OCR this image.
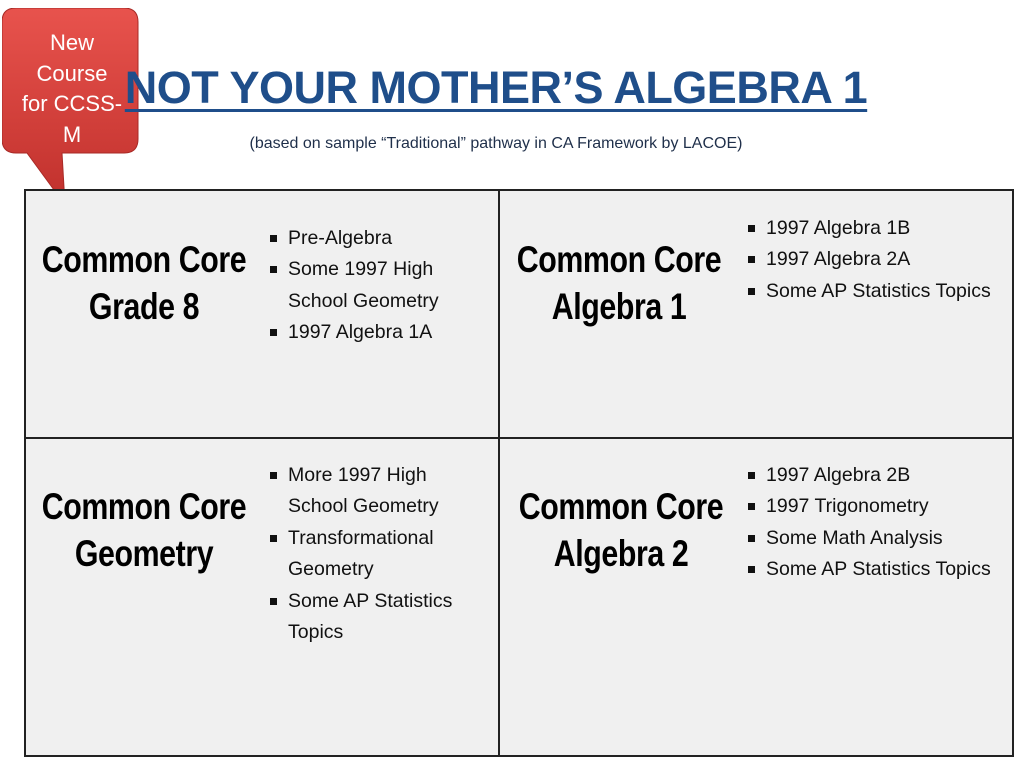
New
Course
for CCSS-
M
NOT YOUR MOTHER’S ALGEBRA 1
(based on sample “Traditional” pathway in CA Framework by LACOE)
Common Core
Grade 8
Pre-Algebra
Some 1997 High School Geometry
1997 Algebra 1A
Common Core
Algebra 1
1997 Algebra 1B
1997 Algebra 2A
Some AP Statistics Topics
Common Core
Geometry
More 1997 High School Geometry
Transformational Geometry
Some AP Statistics Topics
Common Core
Algebra 2
1997 Algebra 2B
1997 Trigonometry
Some Math Analysis
Some AP Statistics Topics
